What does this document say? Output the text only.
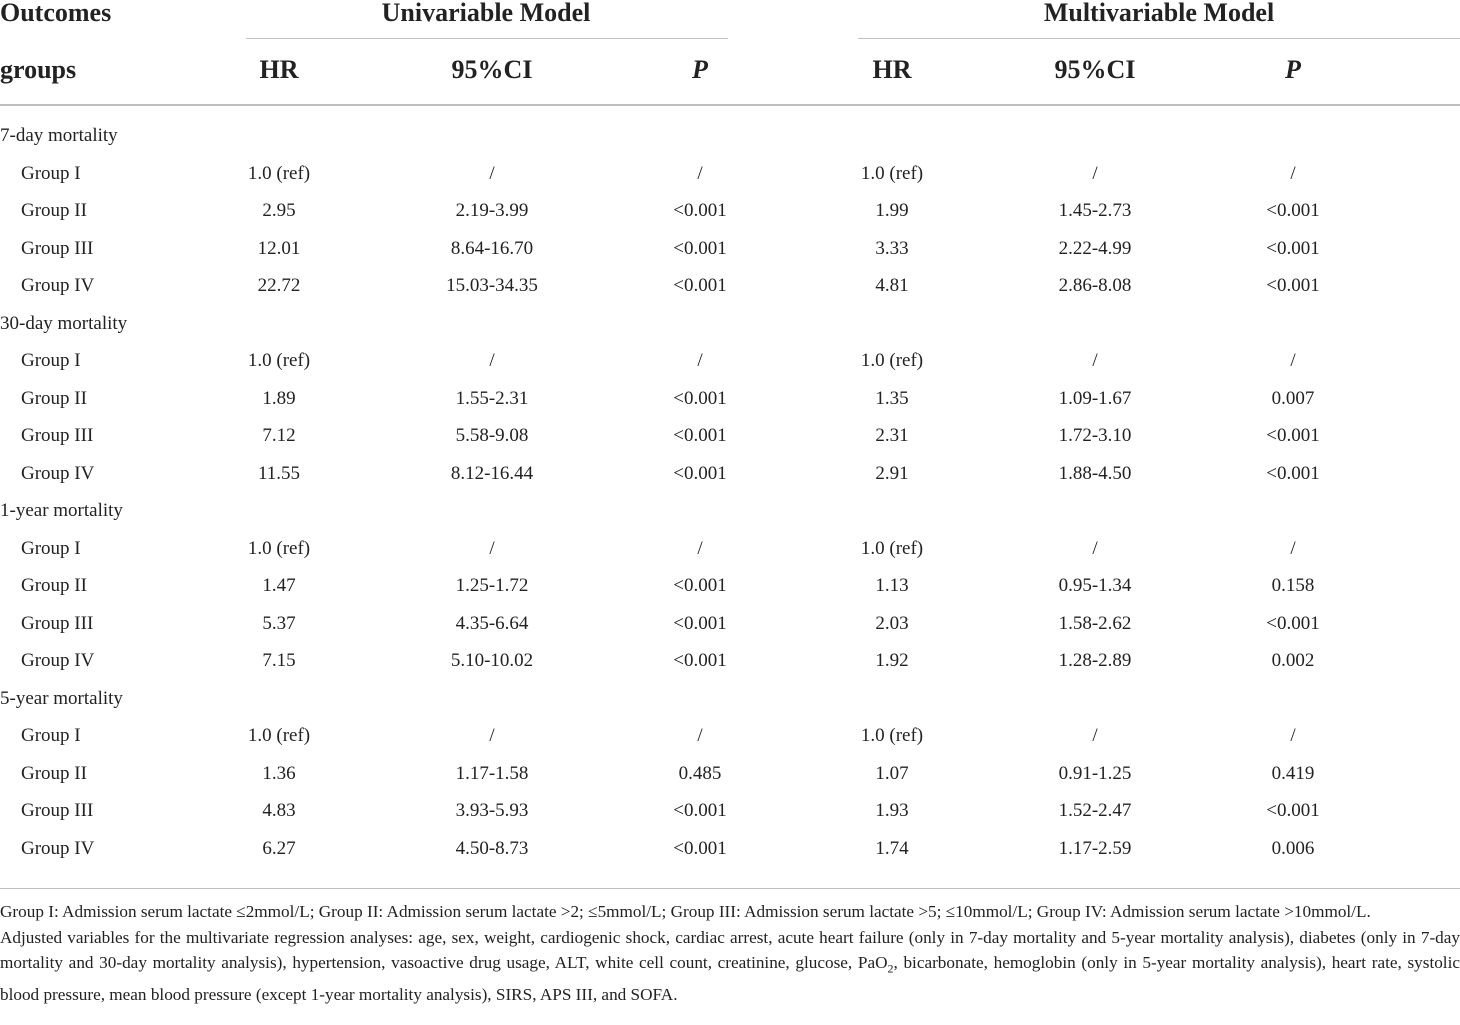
Outcomes	Univariable Model	Multivariable Model
groups	HR	95%CI	P	HR	95%CI	P
7-day mortality
Group I	1.0 (ref)	/	/	1.0 (ref)	/	/
Group II	2.95	2.19-3.99	<0.001	1.99	1.45-2.73	<0.001
Group III	12.01	8.64-16.70	<0.001	3.33	2.22-4.99	<0.001
Group IV	22.72	15.03-34.35	<0.001	4.81	2.86-8.08	<0.001
30-day mortality
Group I	1.0 (ref)	/	/	1.0 (ref)	/	/
Group II	1.89	1.55-2.31	<0.001	1.35	1.09-1.67	0.007
Group III	7.12	5.58-9.08	<0.001	2.31	1.72-3.10	<0.001
Group IV	11.55	8.12-16.44	<0.001	2.91	1.88-4.50	<0.001
1-year mortality
Group I	1.0 (ref)	/	/	1.0 (ref)	/	/
Group II	1.47	1.25-1.72	<0.001	1.13	0.95-1.34	0.158
Group III	5.37	4.35-6.64	<0.001	2.03	1.58-2.62	<0.001
Group IV	7.15	5.10-10.02	<0.001	1.92	1.28-2.89	0.002
5-year mortality
Group I	1.0 (ref)	/	/	1.0 (ref)	/	/
Group II	1.36	1.17-1.58	0.485	1.07	0.91-1.25	0.419
Group III	4.83	3.93-5.93	<0.001	1.93	1.52-2.47	<0.001
Group IV	6.27	4.50-8.73	<0.001	1.74	1.17-2.59	0.006

Group I: Admission serum lactate ≤2mmol/L; Group II: Admission serum lactate >2; ≤5mmol/L; Group III: Admission serum lactate >5; ≤10mmol/L; Group IV: Admission serum lactate >10mmol/L.

Adjusted variables for the multivariate regression analyses: age, sex, weight, cardiogenic shock, cardiac arrest, acute heart failure (only in 7-day mortality and 5-year mortality analysis), diabetes (only in 7-day mortality and 30-day mortality analysis), hypertension, vasoactive drug usage, ALT, white cell count, creatinine, glucose, PaO$_2$, bicarbonate, hemoglobin (only in 5-year mortality analysis), heart rate, systolic blood pressure, mean blood pressure (except 1-year mortality analysis), SIRS, APS III, and SOFA.
